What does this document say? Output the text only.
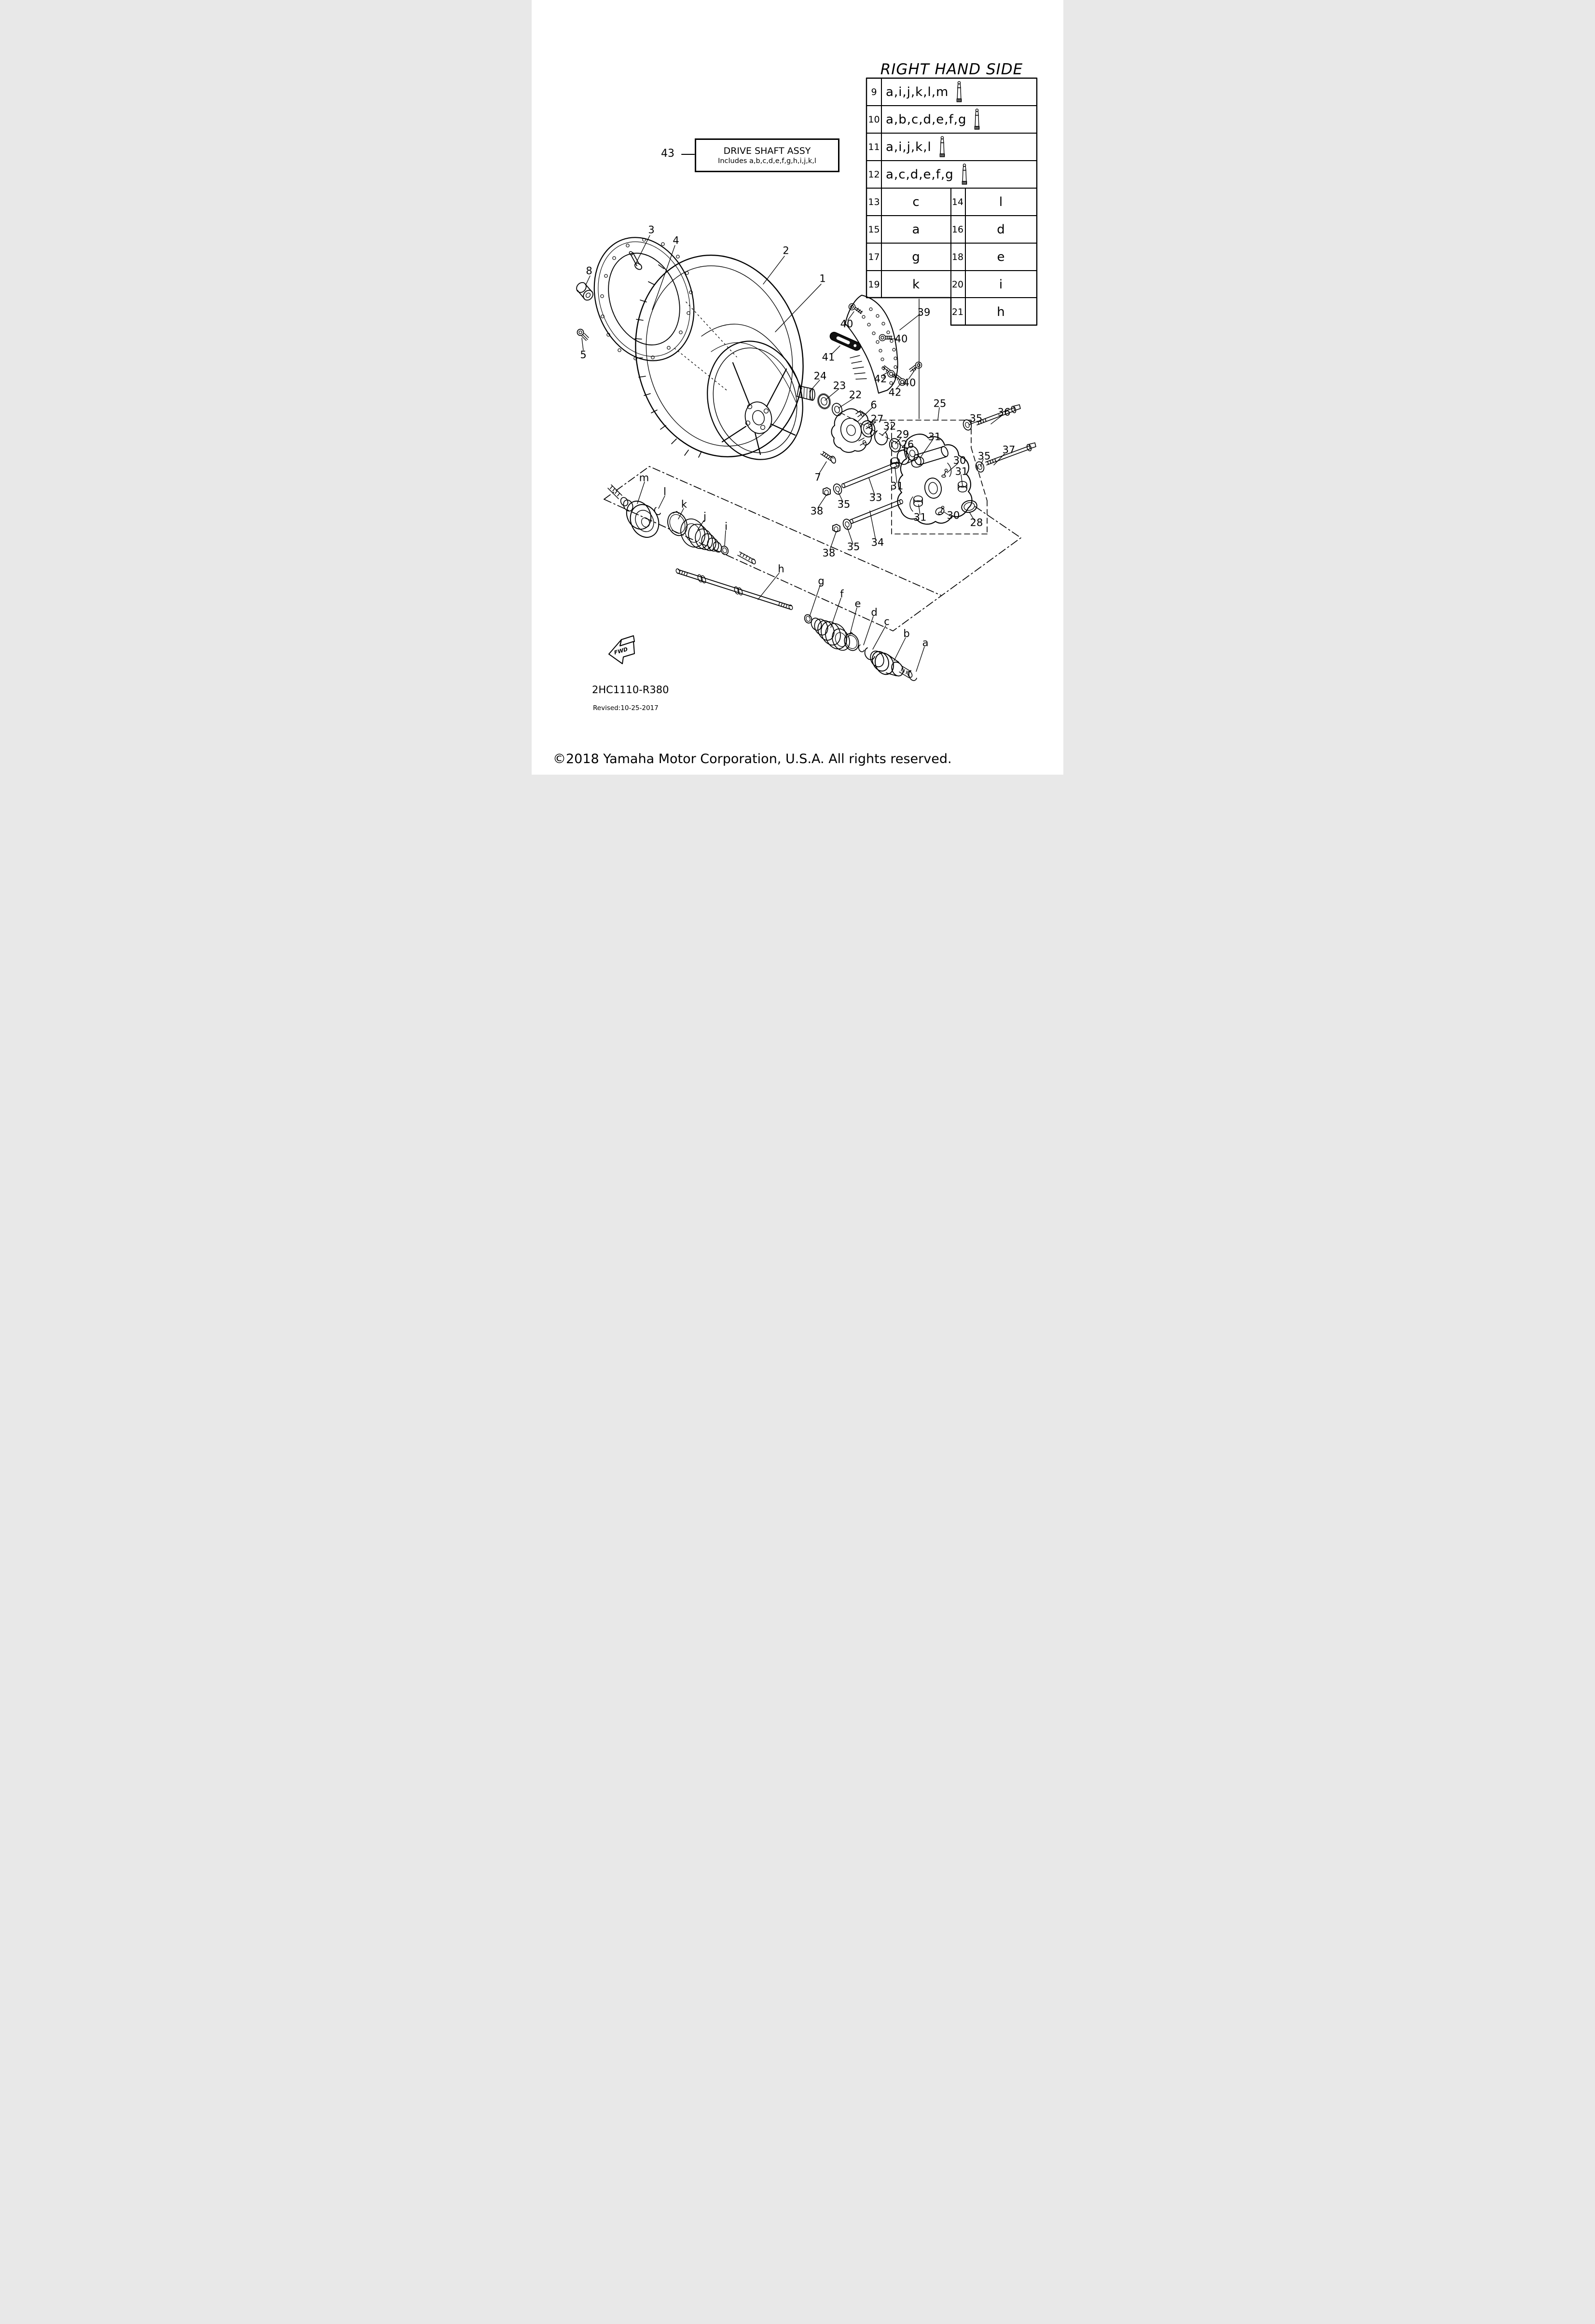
FWD
1
2
3
4
8
5
39
40
40
40
41
42
42
24
23
22
6
27
32
29
26
25
35
36
31
30
31
35
37
7
38
35
33
31
31 30
28
38
35 34
m
l
k
j
i
h
g
f
e
d
c
b
a
RIGHT HAND SIDE
9 a,i,j,k,l,m
10 a,b,c,d,e,f,g
11 a,i,j,k,l
12 a,c,d,e,f,g
13	c	14	l
15	a	16	d
17	g	18	e
19	k	20	i
21	h
43	DRIVE SHAFT ASSY
Includes a,b,c,d,e,f,g,h,i,j,k,l
2HC1110-R380
Revised:10-25-2017
©2018 Yamaha Motor Corporation, U.S.A. All rights reserved.
